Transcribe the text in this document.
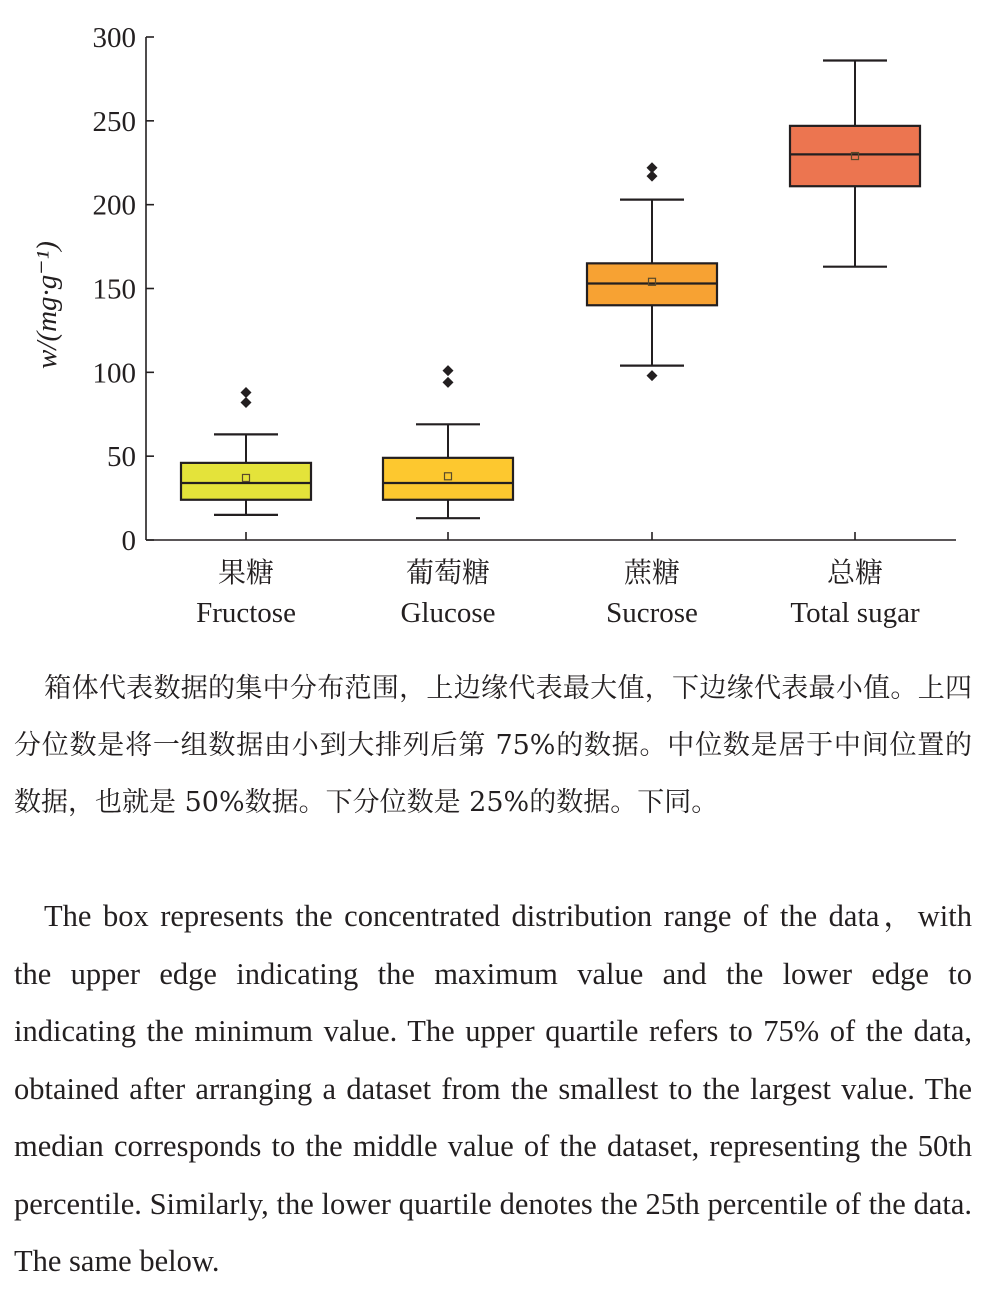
0
50
100
150
200
250
300
果糖
Fructose
葡萄糖
Glucose
蔗糖
Sucrose
总糖
Total sugar
w/(mg·g⁻¹)

箱体代表数据的集中分布范围，上边缘代表最大值，下边缘代表最小值。上四分位数是将一组数据由小到大排列后第 75%的数据。中位数是居于中间位置的数据，也就是 50%数据。下分位数是 25%的数据。下同。

The box represents the concentrated distribution range of the data，with the upper edge indicating the maximum value and the lower edge to indicating the minimum value. The upper quartile refers to 75% of the data, obtained after arranging a dataset from the smallest to the largest value. The median corresponds to the middle value of the dataset, representing the 50th percentile. Similarly, the lower quartile denotes the 25th percentile of the data. The same below.
